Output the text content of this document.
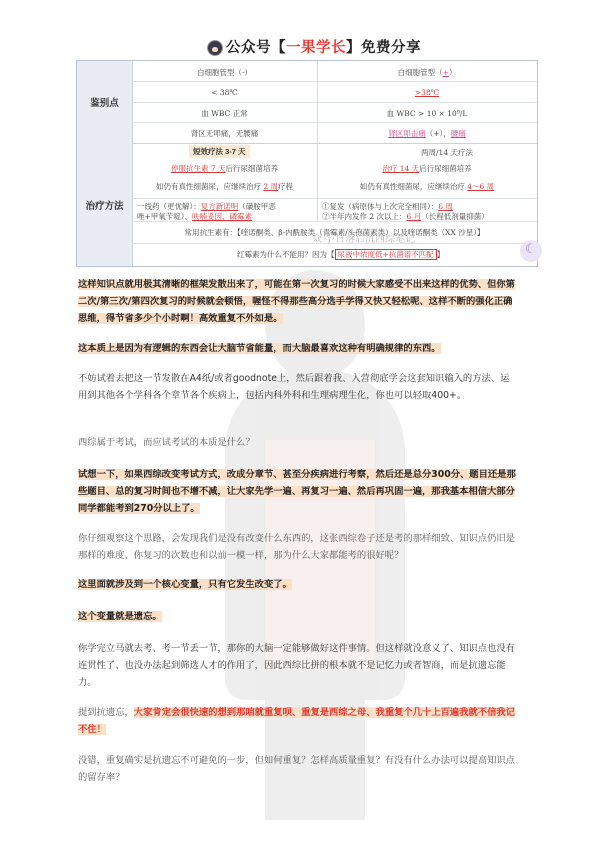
公众号【一果学长】免费分享
鉴别点
白细胞管型（-）
< 38℃
血 WBC 正常
肾区无叩痛，无腰痛
白细胞管型（+）
>38℃
血 WBC > 10 × 10⁹/L
肾区叩击痛（+），腰痛
治疗方法
短效疗法 3-7 天	两周/14 天疗法
停服抗生素 7 天后行尿细菌培养
如仍有真性细菌尿，应继续治疗 2 周疗程
治疗 14 天后行尿细菌培养
如仍有真性细菌尿，应继续治疗 4～6 周
一线药（更优解）：复方新诺明（磺胺甲恶
唑+甲氧苄啶）、呋喃妥因、磷霉素
①复发（病原体与上次完全相同）：6 周
②半年内发作 2 次以上：6 月（长程低剂量抑菌）
常用抗生素有：【喹诺酮类、β-内酰胺类（青霉素/头孢菌素类）以及喹诺酮类（XX 沙星）】
红霉素为什么不能用？因为【 尿液中浓度低+抗菌谱不匹配 】
众号·日落后沉西综笔记
☾
这样知识点就用极其清晰的框架发散出来了，可能在第一次复习的时候大家感受不出来这样的优势、但你第二次/第三次/第四次复习的时候就会顿悟，喔怪不得那些高分选手学得又快又轻松呢、这样不断的强化正确思维，得节省多少个小时啊！高效重复不外如是。
这本质上是因为有逻辑的东西会让大脑节省能量，而大脑最喜欢这种有明确规律的东西。
不妨试着去把这一节发散在A4纸/或者goodnote上，然后跟着我、入营彻底学会这套知识输入的方法、运用到其他各个学科各个章节各个疾病上，包括内科外科和生理病理生化，你也可以轻取400+。
西综属于考试，而应试考试的本质是什么？
试想一下，如果西综改变考试方式，改成分章节、甚至分疾病进行考察，然后还是总分300分、题目还是那些题目、总的复习时间也不增不减，让大家先学一遍、再复习一遍、然后再巩固一遍，那我基本相信大部分同学都能考到270分以上了。
你仔细观察这个思路，会发现我们是没有改变什么东西的，这张西综卷子还是考的那样细致、知识点仍旧是那样的难度、你复习的次数也和以前一模一样，那为什么大家都能考的很好呢？
这里面就涉及到一个核心变量，只有它发生改变了。
这个变量就是遗忘。
你学完立马就去考、考一节丢一节，那你的大脑一定能够做好这件事情。但这样就没意义了、知识点也没有连贯性了、也没办法起到筛选人才的作用了，因此西综比拼的根本就不是记忆力或者智商，而是抗遗忘能力。
提到抗遗忘，大家肯定会很快速的想到那咱就重复呗、重复是西综之母、我重复个几十上百遍我就不信我记不住！
没错，重复确实是抗遗忘不可避免的一步，但如何重复？怎样高质量重复？有没有什么办法可以提高知识点的留存率？
